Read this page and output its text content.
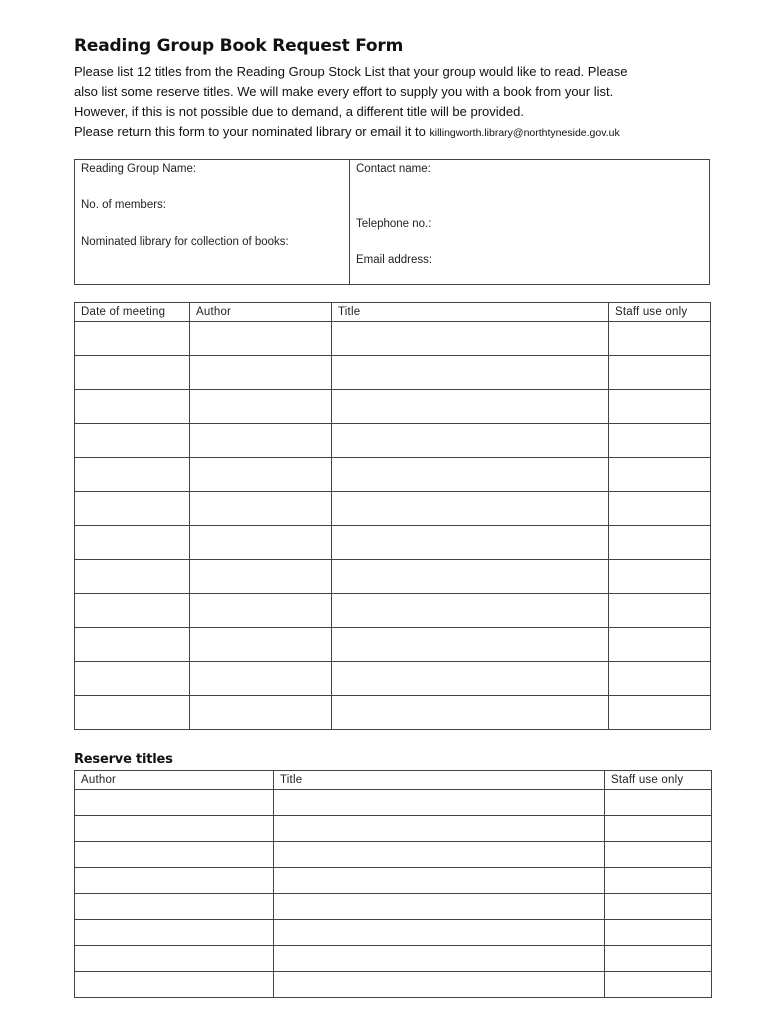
Reading Group Book Request Form

Please list 12 titles from the Reading Group Stock List that your group would like to read. Please

also list some reserve titles. We will make every effort to supply you with a book from your list.

However, if this is not possible due to demand, a different title will be provided.

Please return this form to your nominated library or email it to killingworth.library@northtyneside.gov.uk

Reading Group Name:
No. of members:
Nominated library for collection of books:
Contact name:
Telephone no.:
Email address:
Date of meeting	Author	Title	Staff use only

Reserve titles
Author	Title	Staff use only
